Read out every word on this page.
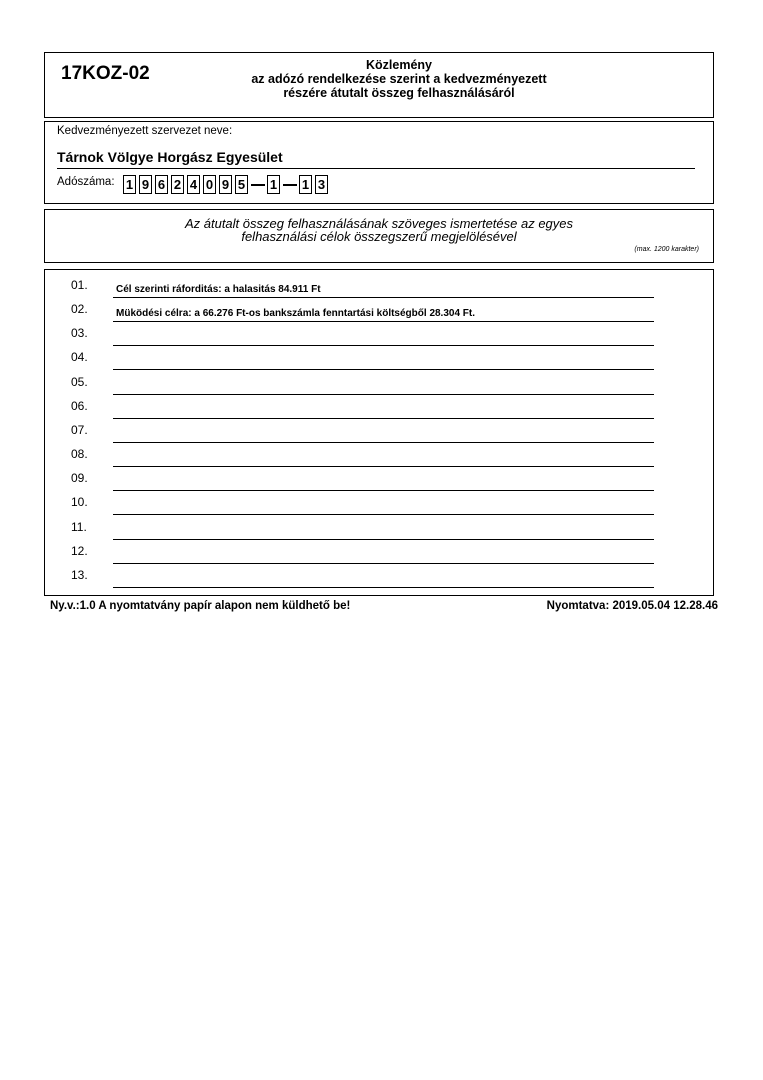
17KOZ-02	Közlemény
az adózó rendelkezése szerint a kedvezményezett
részére átutalt összeg felhasználásáról
Kedvezményezett szervezet neve:
Tárnok Völgye Horgász Egyesület
Adószáma: 1 9 6 2 4 0 9 5 1 1 3
Az átutalt összeg felhasználásának szöveges ismertetése az egyes
felhasználási célok összegszerű megjelölésével
(max. 1200 karakter)
01.	Cél szerinti ráforditás: a halasitás 84.911 Ft
02.	Müködési célra: a 66.276 Ft-os bankszámla fenntartási költségből 28.304 Ft.
03.
04.
05.
06.
07.
08.
09.
10.
11.
12.
13.
Ny.v.:1.0 A nyomtatvány papír alapon nem küldhető be!	Nyomtatva: 2019.05.04 12.28.46
